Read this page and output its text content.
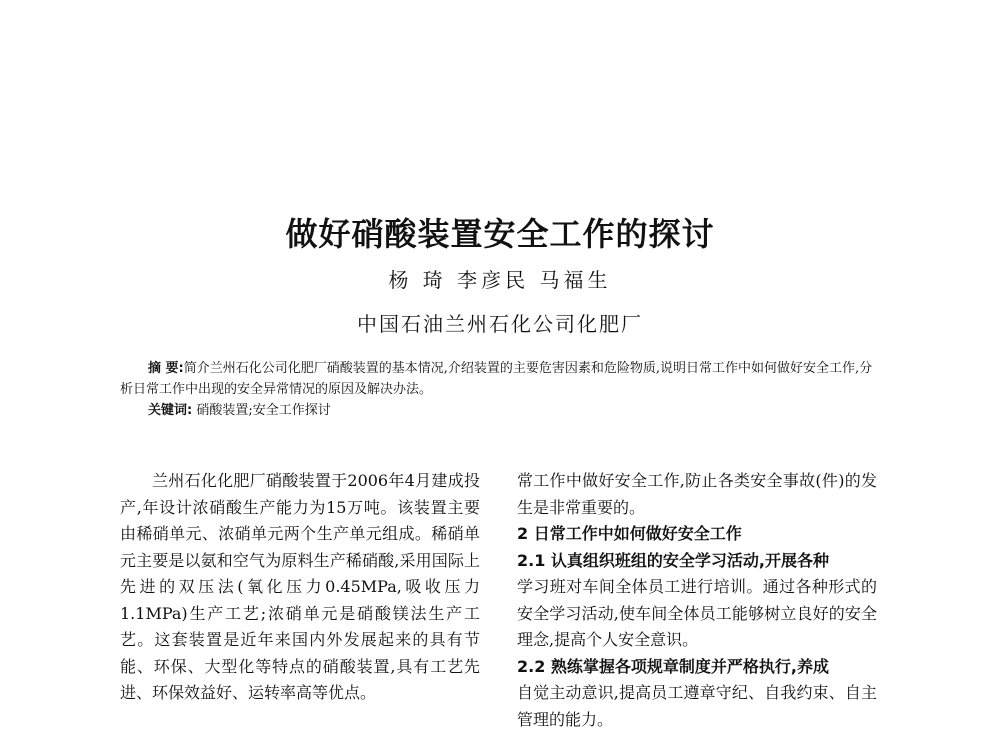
做好硝酸装置安全工作的探讨
杨 琦 李彦民 马福生
中国石油兰州石化公司化肥厂

摘 要:简介兰州石化公司化肥厂硝酸装置的基本情况,介绍装置的主要危害因素和危险物质,说明日常工作中如何做好安全工作,分析日常工作中出现的安全异常情况的原因及解决办法。

关键词: 硝酸装置;安全工作探讨

兰州石化化肥厂硝酸装置于2006年4月建成投产,年设计浓硝酸生产能力为15万吨。该装置主要由稀硝单元、浓硝单元两个生产单元组成。稀硝单元主要是以氨和空气为原料生产稀硝酸,采用国际上先进的双压法(氧化压力0.45MPa,吸收压力1.1MPa)生产工艺;浓硝单元是硝酸镁法生产工艺。这套装置是近年来国内外发展起来的具有节能、环保、大型化等特点的硝酸装置,具有工艺先进、环保效益好、运转率高等优点。

常工作中做好安全工作,防止各类安全事故(件)的发生是非常重要的。

2 日常工作中如何做好安全工作

2.1 认真组织班组的安全学习活动,开展各种

学习班对车间全体员工进行培训。通过各种形式的安全学习活动,使车间全体员工能够树立良好的安全理念,提高个人安全意识。

2.2 熟练掌握各项规章制度并严格执行,养成

自觉主动意识,提高员工遵章守纪、自我约束、自主管理的能力。
